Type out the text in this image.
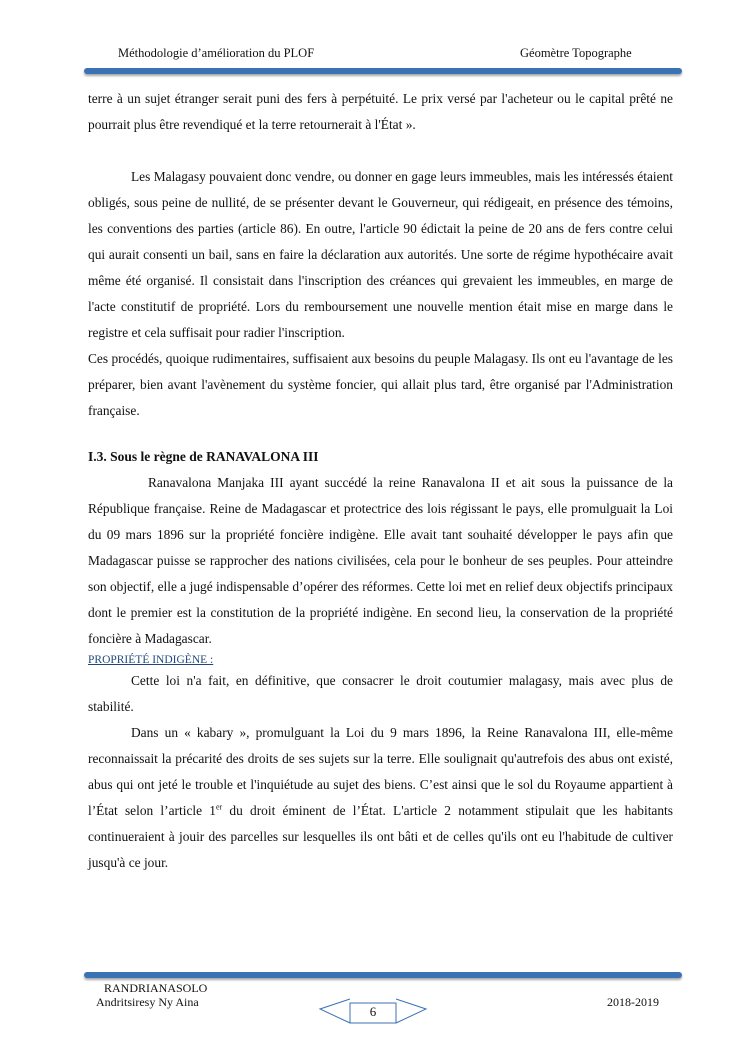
Méthodologie d’amélioration du PLOF	Géomètre Topographe

terre à un sujet étranger serait puni des fers à perpétuité. Le prix versé par l'acheteur ou le capital prêté ne pourrait plus être revendiqué et la terre retournerait à l'État ».

Les Malagasy pouvaient donc vendre, ou donner en gage leurs immeubles, mais les intéressés étaient obligés, sous peine de nullité, de se présenter devant le Gouverneur, qui rédigeait, en présence des témoins, les conventions des parties (article 86). En outre, l'article 90 édictait la peine de 20 ans de fers contre celui qui aurait consenti un bail, sans en faire la déclaration aux autorités. Une sorte de régime hypothécaire avait même été organisé. Il consistait dans l'inscription des créances qui grevaient les immeubles, en marge de l'acte constitutif de propriété. Lors du remboursement une nouvelle mention était mise en marge dans le registre et cela suffisait pour radier l'inscription.

Ces procédés, quoique rudimentaires, suffisaient aux besoins du peuple Malagasy. Ils ont eu l'avantage de les préparer, bien avant l'avènement du système foncier, qui allait plus tard, être organisé par l'Administration française.

I.3. Sous le règne de RANAVALONA III

Ranavalona Manjaka III ayant succédé la reine Ranavalona II et ait sous la puissance de la République française. Reine de Madagascar et protectrice des lois régissant le pays, elle promulguait la Loi du 09 mars 1896 sur la propriété foncière indigène. Elle avait tant souhaité développer le pays afin que Madagascar puisse se rapprocher des nations civilisées, cela pour le bonheur de ses peuples. Pour atteindre son objectif, elle a jugé indispensable d’opérer des réformes. Cette loi met en relief deux objectifs principaux dont le premier est la constitution de la propriété indigène. En second lieu, la conservation de la propriété foncière à Madagascar.

PROPRIÉTÉ INDIGÈNE :

Cette loi n'a fait, en définitive, que consacrer le droit coutumier malagasy, mais avec plus de stabilité.

Dans un « kabary », promulguant la Loi du 9 mars 1896, la Reine Ranavalona III, elle-même reconnaissait la précarité des droits de ses sujets sur la terre. Elle soulignait qu'autrefois des abus ont existé, abus qui ont jeté le trouble et l'inquiétude au sujet des biens. C’est ainsi que le sol du Royaume appartient à l’État selon l’article 1er du droit éminent de l’État. L'article 2 notamment stipulait que les habitants continueraient à jouir des parcelles sur lesquelles ils ont bâti et de celles qu'ils ont eu l'habitude de cultiver jusqu'à ce jour.

RANDRIANASOLO
Andritsiresy Ny Aina
6
2018-2019
